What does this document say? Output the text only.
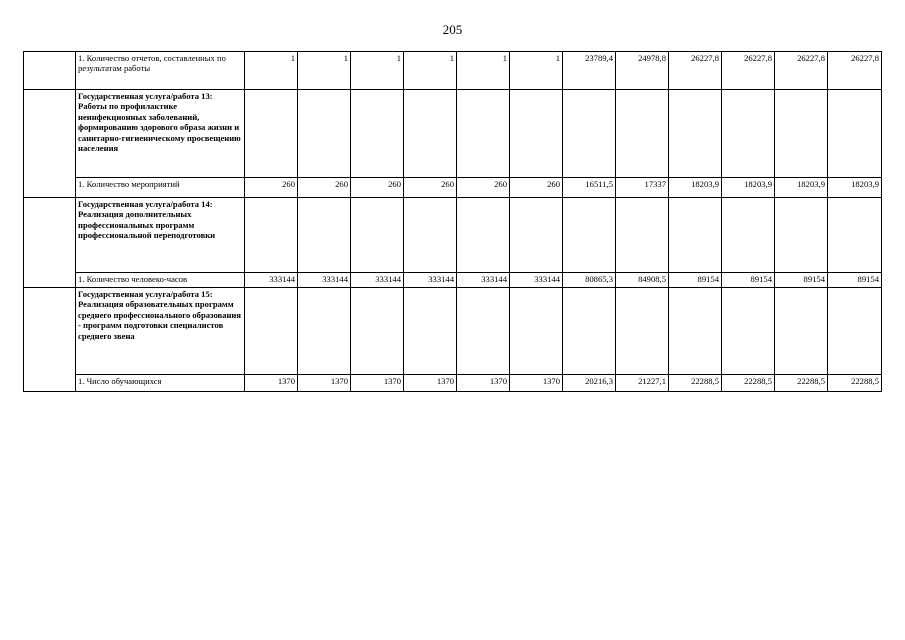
205
	1. Количество отчетов, составленных по результатам работы	1	1	1	1	1	1	23789,4	24978,8	26227,8	26227,8	26227,8	26227,8
	Государственная услуга/работа 13: Работы по профилактике неинфекционных заболеваний, формированию здорового образа жизни и санитарно-гигиеническому просвещению населения												
	1. Количество мероприятий	260	260	260	260	260	260	16511,5	17337	18203,9	18203,9	18203,9	18203,9
	Государственная услуга/работа 14: Реализация дополнительных профессиональных программ профессиональной переподготовки												
	1. Количество человеко-часов	333144	333144	333144	333144	333144	333144	80865,3	84908,5	89154	89154	89154	89154
	Государственная услуга/работа 15: Реализация образовательных программ среднего профессионального образования - программ подготовки специалистов среднего звена												
	1. Число обучающихся	1370	1370	1370	1370	1370	1370	20216,3	21227,1	22288,5	22288,5	22288,5	22288,5
